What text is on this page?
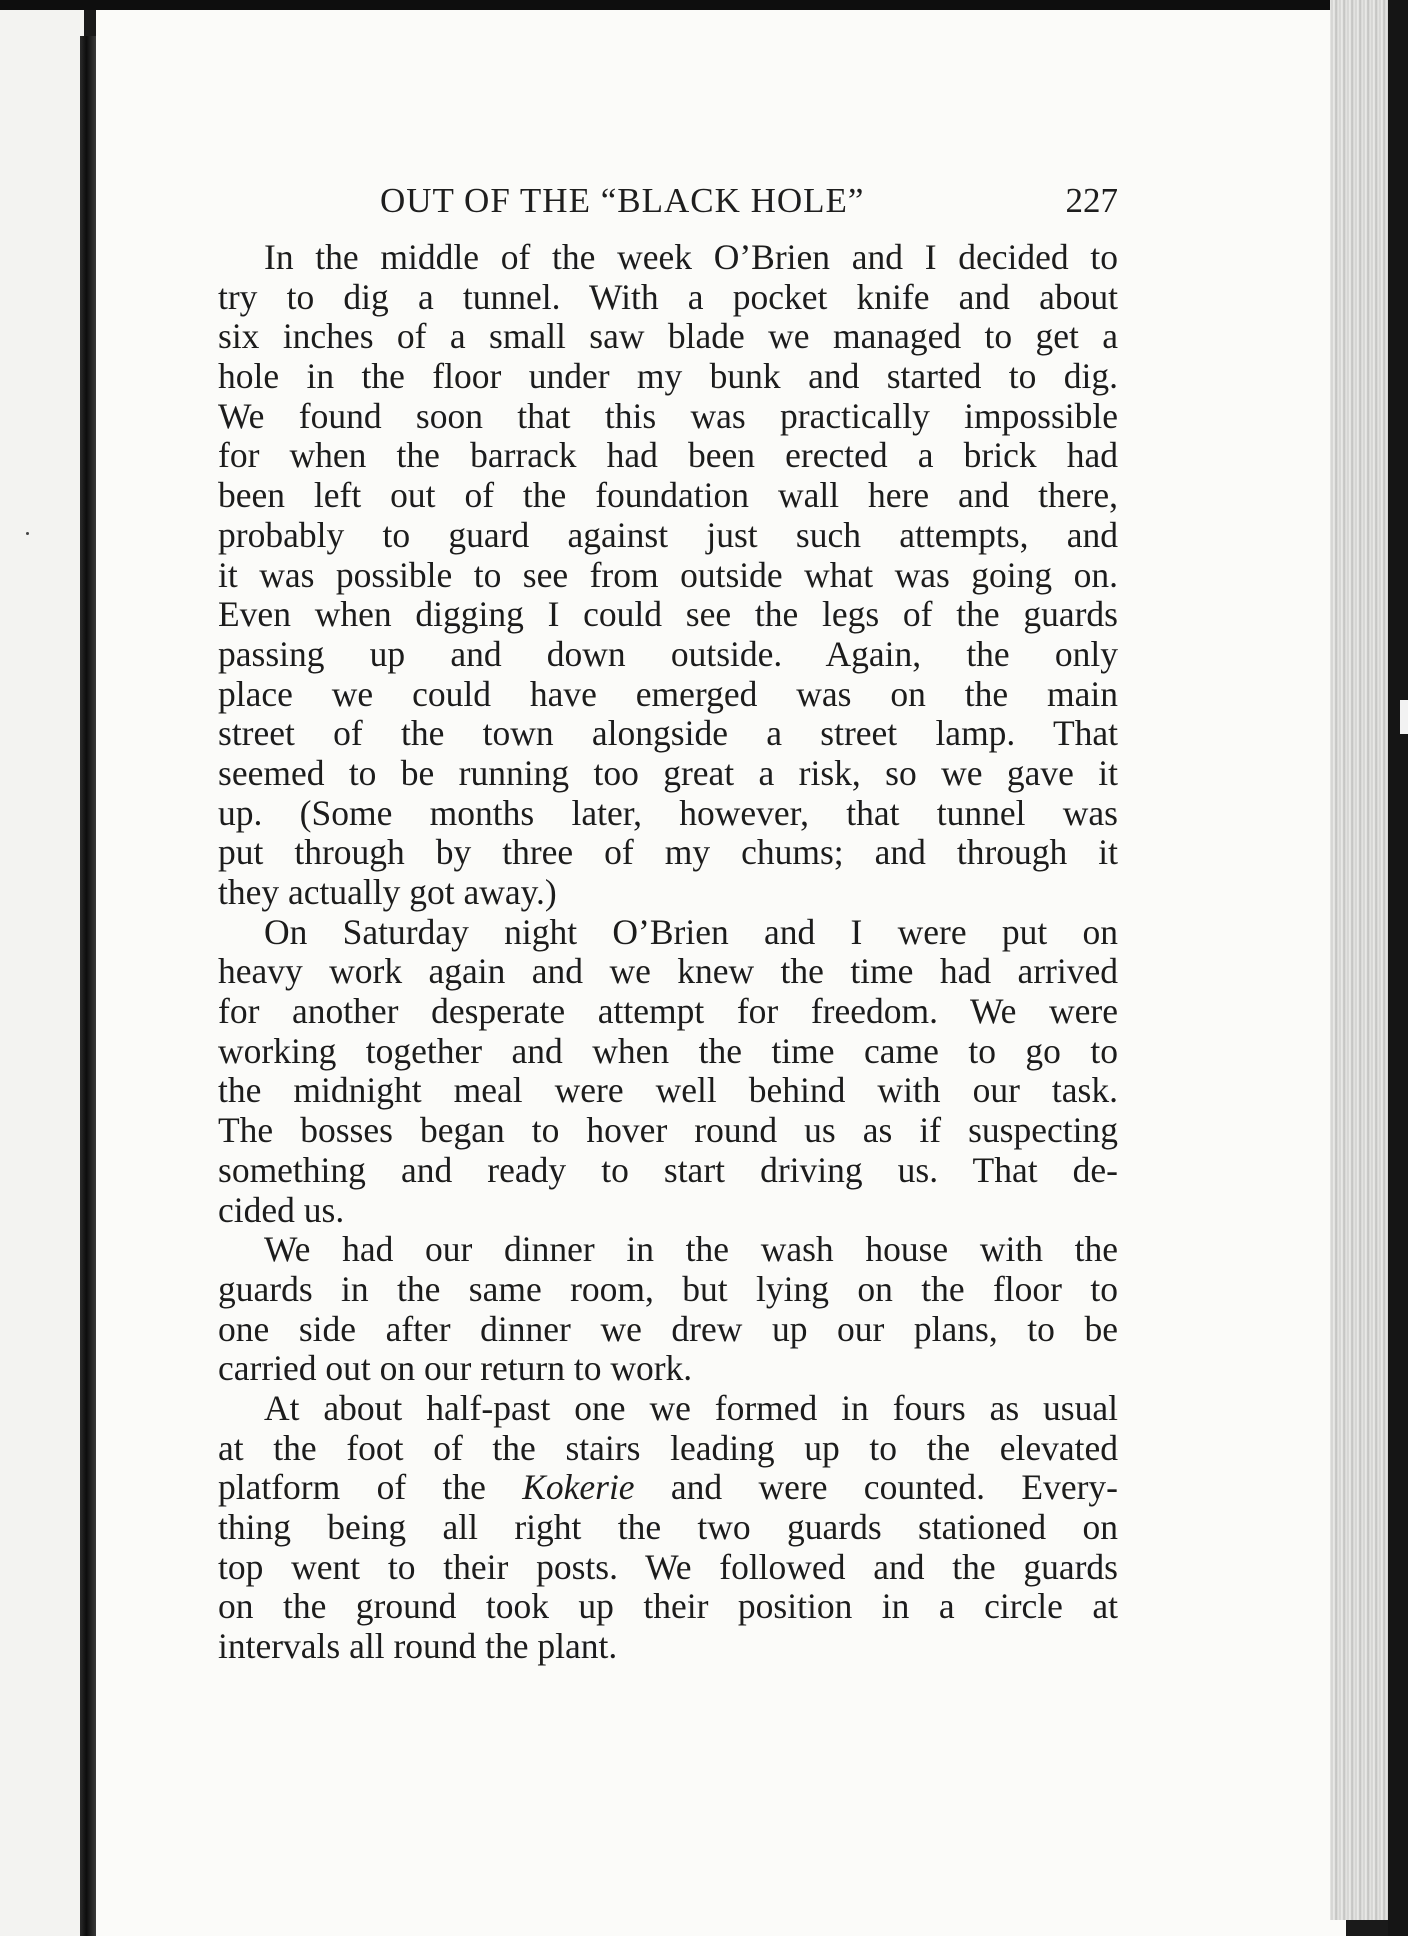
OUT OF THE “BLACK HOLE”	227
In the middle of the week O’Brien and I decided to
try to dig a tunnel. With a pocket knife and about
six inches of a small saw blade we managed to get a
hole in the floor under my bunk and started to dig.
We found soon that this was practically impossible
for when the barrack had been erected a brick had
been left out of the foundation wall here and there,
probably to guard against just such attempts, and
it was possible to see from outside what was going on.
Even when digging I could see the legs of the guards
passing up and down outside. Again, the only
place we could have emerged was on the main
street of the town alongside a street lamp. That
seemed to be running too great a risk, so we gave it
up. (Some months later, however, that tunnel was
put through by three of my chums; and through it
they actually got away.)
On Saturday night O’Brien and I were put on
heavy work again and we knew the time had arrived
for another desperate attempt for freedom. We were
working together and when the time came to go to
the midnight meal were well behind with our task.
The bosses began to hover round us as if suspecting
something and ready to start driving us. That de-
cided us.
We had our dinner in the wash house with the
guards in the same room, but lying on the floor to
one side after dinner we drew up our plans, to be
carried out on our return to work.
At about half-past one we formed in fours as usual
at the foot of the stairs leading up to the elevated
platform of the Kokerie and were counted. Every-
thing being all right the two guards stationed on
top went to their posts. We followed and the guards
on the ground took up their position in a circle at
intervals all round the plant.
